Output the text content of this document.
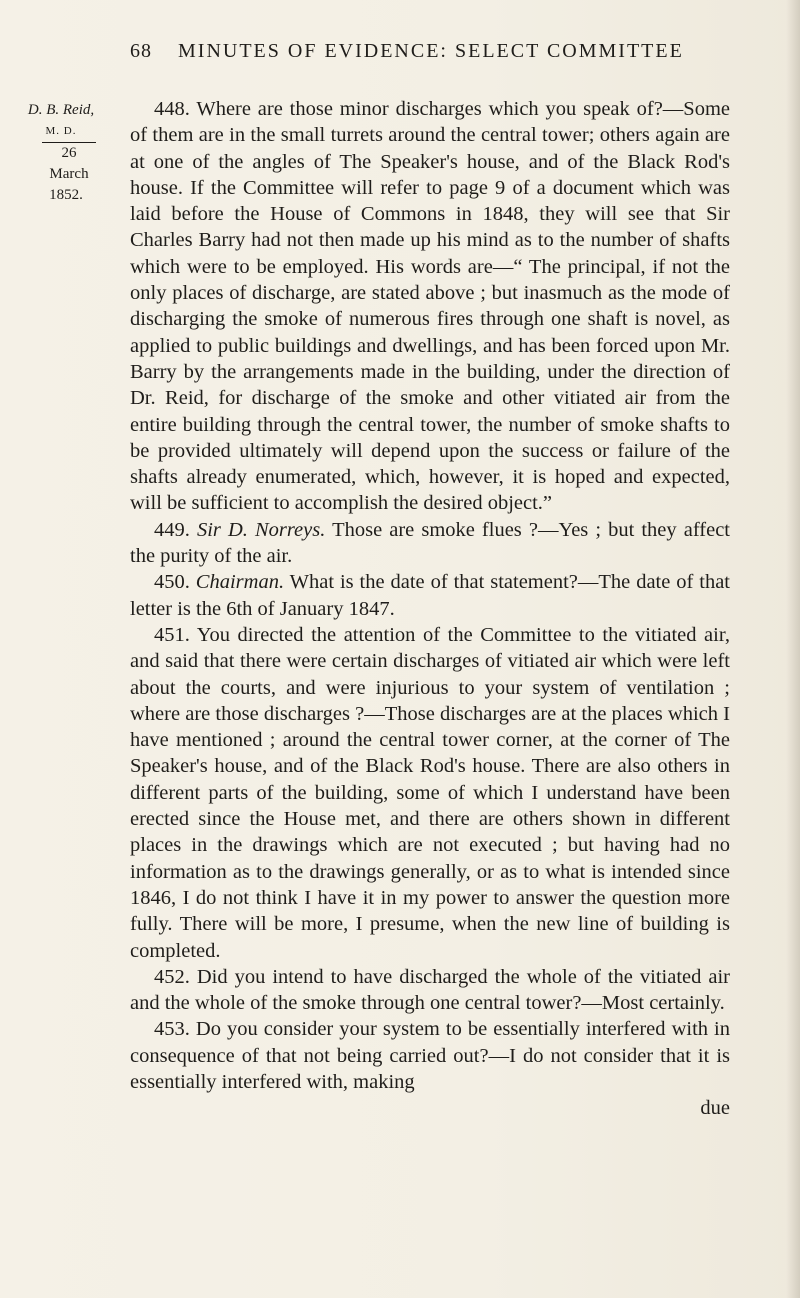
68 MINUTES OF EVIDENCE: SELECT COMMITTEE
D. B. Reid,
M. D.
26 March
1852.

448. Where are those minor discharges which you speak of?—Some of them are in the small turrets around the central tower; others again are at one of the angles of The Speaker's house, and of the Black Rod's house. If the Committee will refer to page 9 of a document which was laid before the House of Commons in 1848, they will see that Sir Charles Barry had not then made up his mind as to the number of shafts which were to be employed. His words are—“ The principal, if not the only places of discharge, are stated above ; but inasmuch as the mode of discharging the smoke of numerous fires through one shaft is novel, as applied to public buildings and dwellings, and has been forced upon Mr. Barry by the arrangements made in the building, under the direction of Dr. Reid, for discharge of the smoke and other vitiated air from the entire building through the central tower, the number of smoke shafts to be provided ultimately will depend upon the success or failure of the shafts already enumerated, which, however, it is hoped and expected, will be sufficient to accomplish the desired object.”

449. Sir D. Norreys. Those are smoke flues ?—Yes ; but they affect the purity of the air.

450. Chairman. What is the date of that statement?—The date of that letter is the 6th of January 1847.

451. You directed the attention of the Committee to the vitiated air, and said that there were certain discharges of vitiated air which were left about the courts, and were injurious to your system of ventilation ; where are those discharges ?—Those discharges are at the places which I have mentioned ; around the central tower corner, at the corner of The Speaker's house, and of the Black Rod's house. There are also others in different parts of the building, some of which I understand have been erected since the House met, and there are others shown in different places in the drawings which are not executed ; but having had no information as to the drawings generally, or as to what is intended since 1846, I do not think I have it in my power to answer the question more fully. There will be more, I presume, when the new line of building is completed.

452. Did you intend to have discharged the whole of the vitiated air and the whole of the smoke through one central tower?—Most certainly.

453. Do you consider your system to be essentially interfered with in consequence of that not being carried out?—I do not consider that it is essentially interfered with, making

due
